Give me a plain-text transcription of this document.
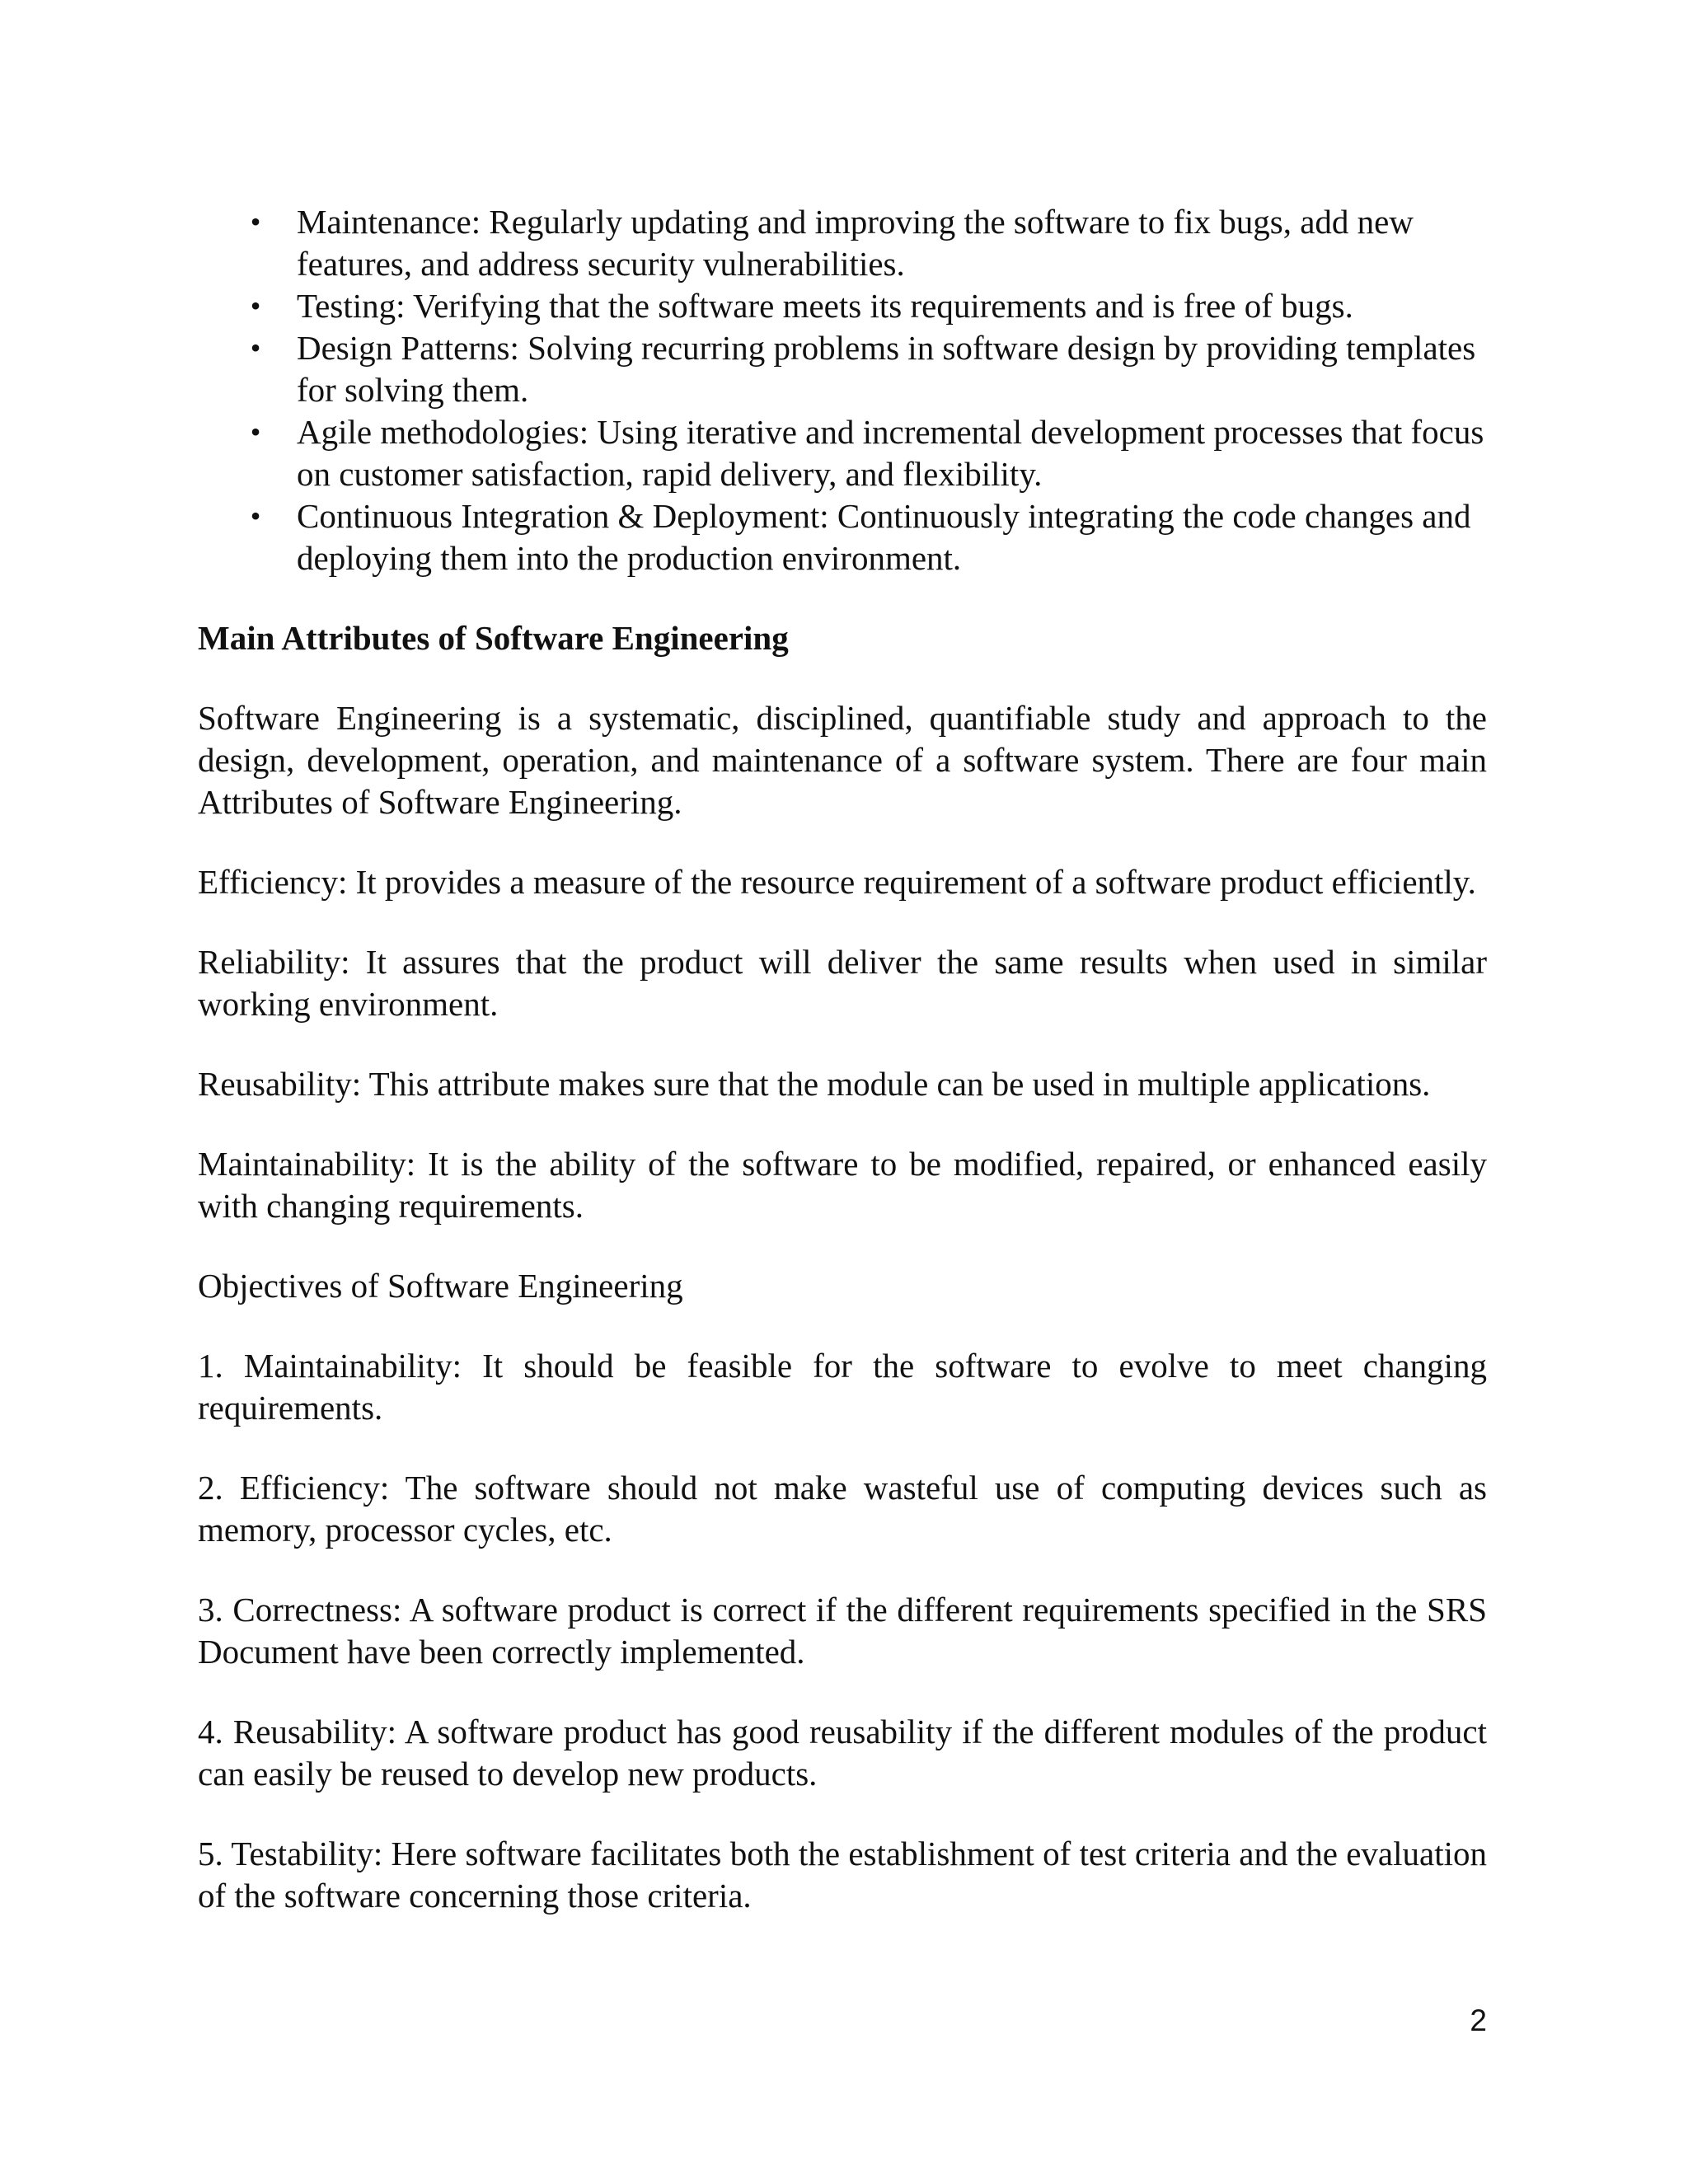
• Maintenance: Regularly updating and improving the software to fix bugs, add new features, and address security vulnerabilities.
• Testing: Verifying that the software meets its requirements and is free of bugs.
• Design Patterns: Solving recurring problems in software design by providing templates for solving them.
• Agile methodologies: Using iterative and incremental development processes that focus on customer satisfaction, rapid delivery, and flexibility.
• Continuous Integration & Deployment: Continuously integrating the code changes and deploying them into the production environment.
Main Attributes of Software Engineering

Software Engineering is a systematic, disciplined, quantifiable study and approach to the design, development, operation, and maintenance of a software system. There are four main Attributes of Software Engineering.

Efficiency: It provides a measure of the resource requirement of a software product efficiently.

Reliability: It assures that the product will deliver the same results when used in similar working environment.

Reusability: This attribute makes sure that the module can be used in multiple applications.

Maintainability: It is the ability of the software to be modified, repaired, or enhanced easily with changing requirements.

Objectives of Software Engineering

1. Maintainability: It should be feasible for the software to evolve to meet changing requirements.

2. Efficiency: The software should not make wasteful use of computing devices such as memory, processor cycles, etc.

3. Correctness: A software product is correct if the different requirements specified in the SRS Document have been correctly implemented.

4. Reusability: A software product has good reusability if the different modules of the product can easily be reused to develop new products.

5. Testability: Here software facilitates both the establishment of test criteria and the evaluation of the software concerning those criteria.

2
